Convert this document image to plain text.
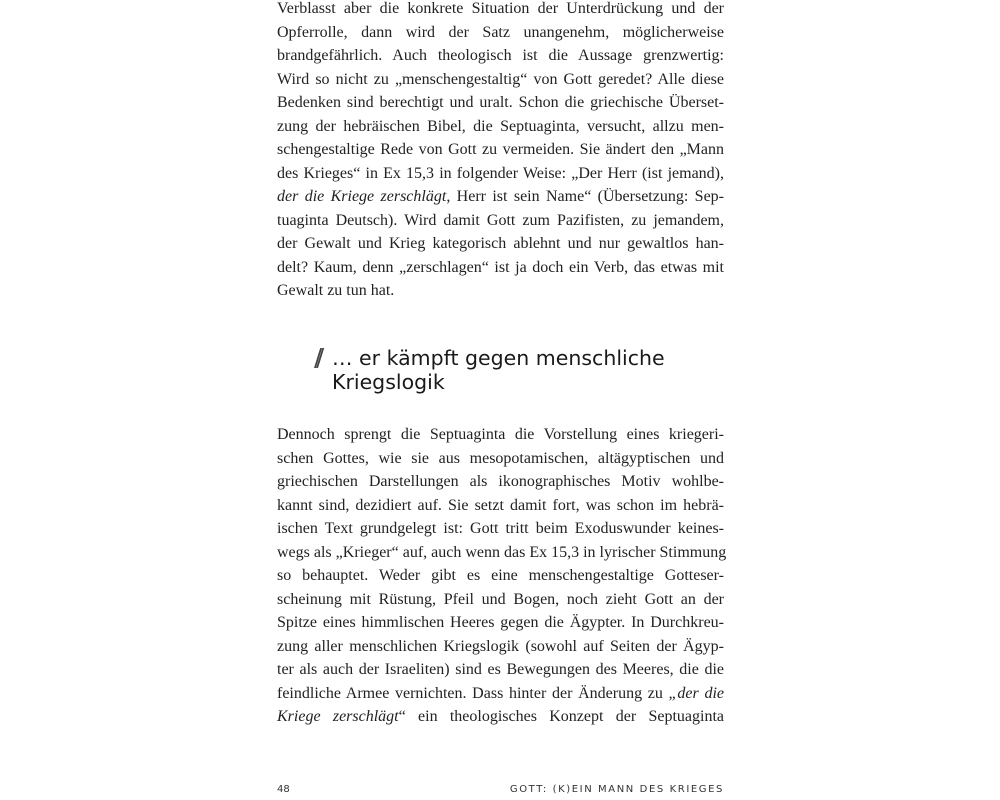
Verblasst aber die konkrete Situation der Unterdrückung und der
Opferrolle, dann wird der Satz unangenehm, möglicherweise
brandgefährlich. Auch theologisch ist die Aussage grenzwertig:
Wird so nicht zu „menschengestaltig“ von Gott geredet? Alle diese
Bedenken sind berechtigt und uralt. Schon die griechische Überset-
zung der hebräischen Bibel, die Septuaginta, versucht, allzu men-
schengestaltige Rede von Gott zu vermeiden. Sie ändert den „Mann
des Krieges“ in Ex 15,3 in folgender Weise: „Der Herr (ist jemand),
der die Kriege zerschlägt, Herr ist sein Name“ (Übersetzung: Sep-
tuaginta Deutsch). Wird damit Gott zum Pazifisten, zu jemandem,
der Gewalt und Krieg kategorisch ablehnt und nur gewaltlos han-
delt? Kaum, denn „zerschlagen“ ist ja doch ein Verb, das etwas mit
Gewalt zu tun hat.
// … er kämpft gegen menschliche
Kriegslogik
Dennoch sprengt die Septuaginta die Vorstellung eines kriegeri-
schen Gottes, wie sie aus mesopotamischen, altägyptischen und
griechischen Darstellungen als ikonographisches Motiv wohlbe-
kannt sind, dezidiert auf. Sie setzt damit fort, was schon im hebrä-
ischen Text grundgelegt ist: Gott tritt beim Exoduswunder keines-
wegs als „Krieger“ auf, auch wenn das Ex 15,3 in lyrischer Stimmung
so behauptet. Weder gibt es eine menschengestaltige Gotteser-
scheinung mit Rüstung, Pfeil und Bogen, noch zieht Gott an der
Spitze eines himmlischen Heeres gegen die Ägypter. In Durchkreu-
zung aller menschlichen Kriegslogik (sowohl auf Seiten der Ägyp-
ter als auch der Israeliten) sind es Bewegungen des Meeres, die die
feindliche Armee vernichten. Dass hinter der Änderung zu „der die
Kriege zerschlägt“ ein theologisches Konzept der Septuaginta
48	GOTT: (K)EIN MANN DES KRIEGES
